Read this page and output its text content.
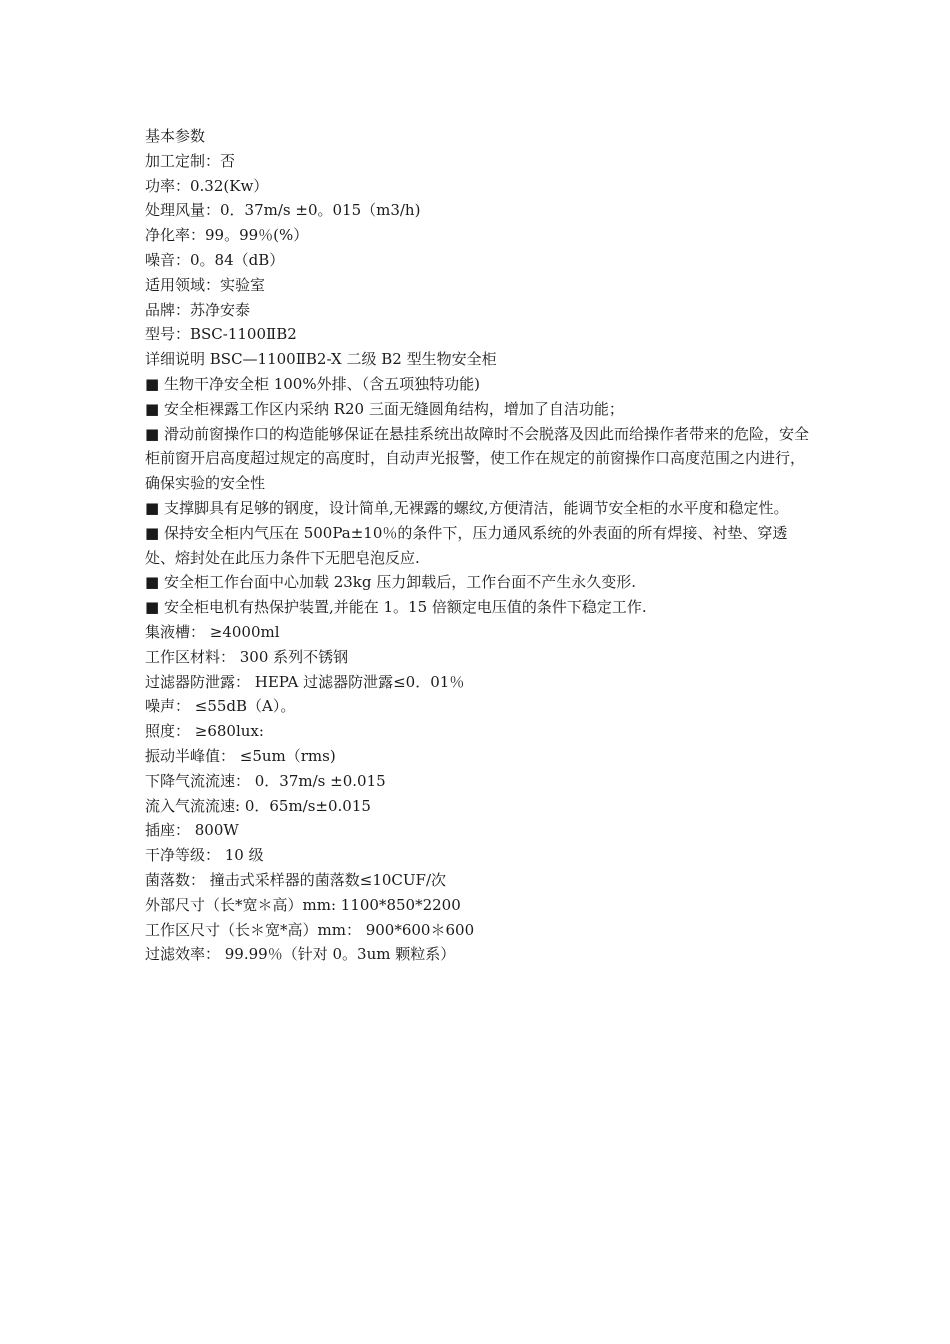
基本参数

加工定制：否

功率：0.32(Kw）

处理风量：0．37m/s ±0。015（m3/h)

净化率：99。99％(%）

噪音：0。84（dB）

适用领域：实验室

品牌：苏净安泰

型号：BSC-1100ⅡB2

详细说明 BSC—1100ⅡB2-X 二级 B2 型生物安全柜

■ 生物干净安全柜 100%外排、（含五项独特功能)

■ 安全柜裸露工作区内采纳 R20 三面无缝圆角结构，增加了自洁功能；

■ 滑动前窗操作口的构造能够保证在悬挂系统出故障时不会脱落及因此而给操作者带来的危险，安全柜前窗开启高度超过规定的高度时，自动声光报警，使工作在规定的前窗操作口高度范围之内进行，确保实验的安全性

■ 支撑脚具有足够的钢度，设计简单,无裸露的螺纹,方便清洁，能调节安全柜的水平度和稳定性。

■ 保持安全柜内气压在 500Pa±10％的条件下，压力通风系统的外表面的所有焊接、衬垫、穿透处、熔封处在此压力条件下无肥皂泡反应.

■ 安全柜工作台面中心加载 23kg 压力卸载后，工作台面不产生永久变形.

■ 安全柜电机有热保护装置,并能在 1。15 倍额定电压值的条件下稳定工作.

集液槽： ≥4000ml

工作区材料： 300 系列不锈钢

过滤器防泄露： HEPA 过滤器防泄露≤0．01％

噪声： ≤55dB（A）。

照度： ≥680lux:

振动半峰值： ≤5um（rms)

下降气流流速： 0．37m/s ±0.015

流入气流流速: 0．65m/s±0.015

插座： 800W

干净等级： 10 级

菌落数： 撞击式采样器的菌落数≤10CUF/次

外部尺寸（长*宽＊高）mm: 1100*850*2200

工作区尺寸（长＊宽*高）mm： 900*600＊600

过滤效率： 99.99％（针对 0。3um 颗粒系）
